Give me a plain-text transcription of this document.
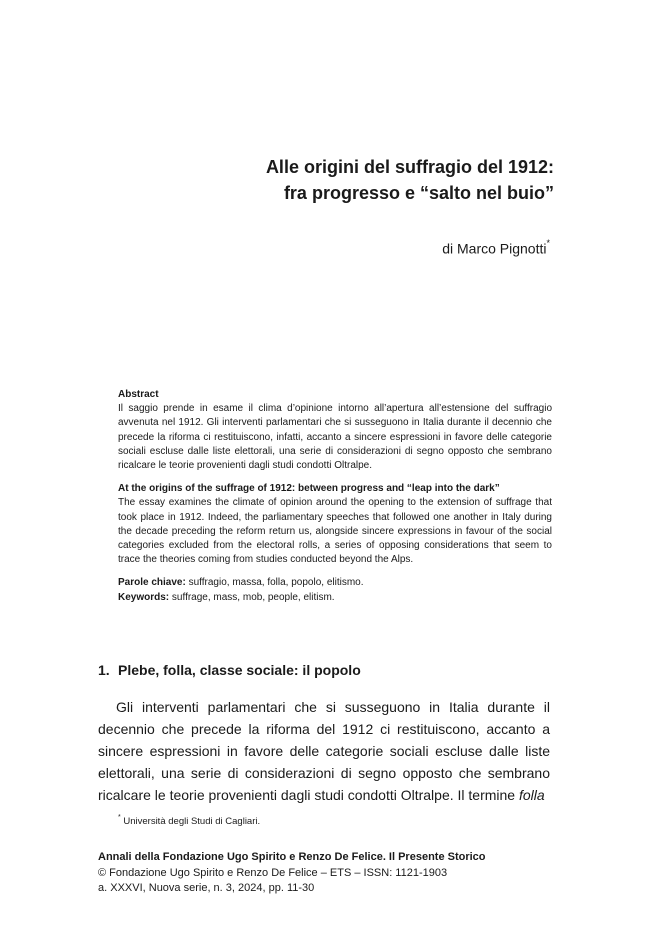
Alle origini del suffragio del 1912:
fra progresso e “salto nel buio”
di Marco Pignotti*
Abstract

Il saggio prende in esame il clima d’opinione intorno all’apertura all’estensione del suffragio avvenuta nel 1912. Gli interventi parlamentari che si susseguono in Italia durante il decennio che precede la riforma ci restituiscono, infatti, accanto a sincere espressioni in favore delle categorie sociali escluse dalle liste elettorali, una serie di considerazioni di segno opposto che sembrano ricalcare le teorie provenienti dagli studi condotti Oltralpe.

At the origins of the suffrage of 1912: between progress and “leap into the dark”

The essay examines the climate of opinion around the opening to the extension of suffrage that took place in 1912. Indeed, the parliamentary speeches that followed one another in Italy during the decade preceding the reform return us, alongside sincere expressions in favour of the social categories excluded from the electoral rolls, a series of opposing considerations that seem to trace the theories coming from studies conducted beyond the Alps.

Parole chiave: suffragio, massa, folla, popolo, elitismo.
Keywords: suffrage, mass, mob, people, elitism.
1. Plebe, folla, classe sociale: il popolo

Gli interventi parlamentari che si susseguono in Italia durante il decennio che precede la riforma del 1912 ci restituiscono, accanto a sincere espressioni in favore delle categorie sociali escluse dalle liste elettorali, una serie di considerazioni di segno opposto che sembrano ricalcare le teorie provenienti dagli studi condotti Oltralpe. Il termine folla

* Università degli Studi di Cagliari.
Annali della Fondazione Ugo Spirito e Renzo De Felice. Il Presente Storico
© Fondazione Ugo Spirito e Renzo De Felice – ETS – ISSN: 1121-1903
a. XXXVI, Nuova serie, n. 3, 2024, pp. 11-30
